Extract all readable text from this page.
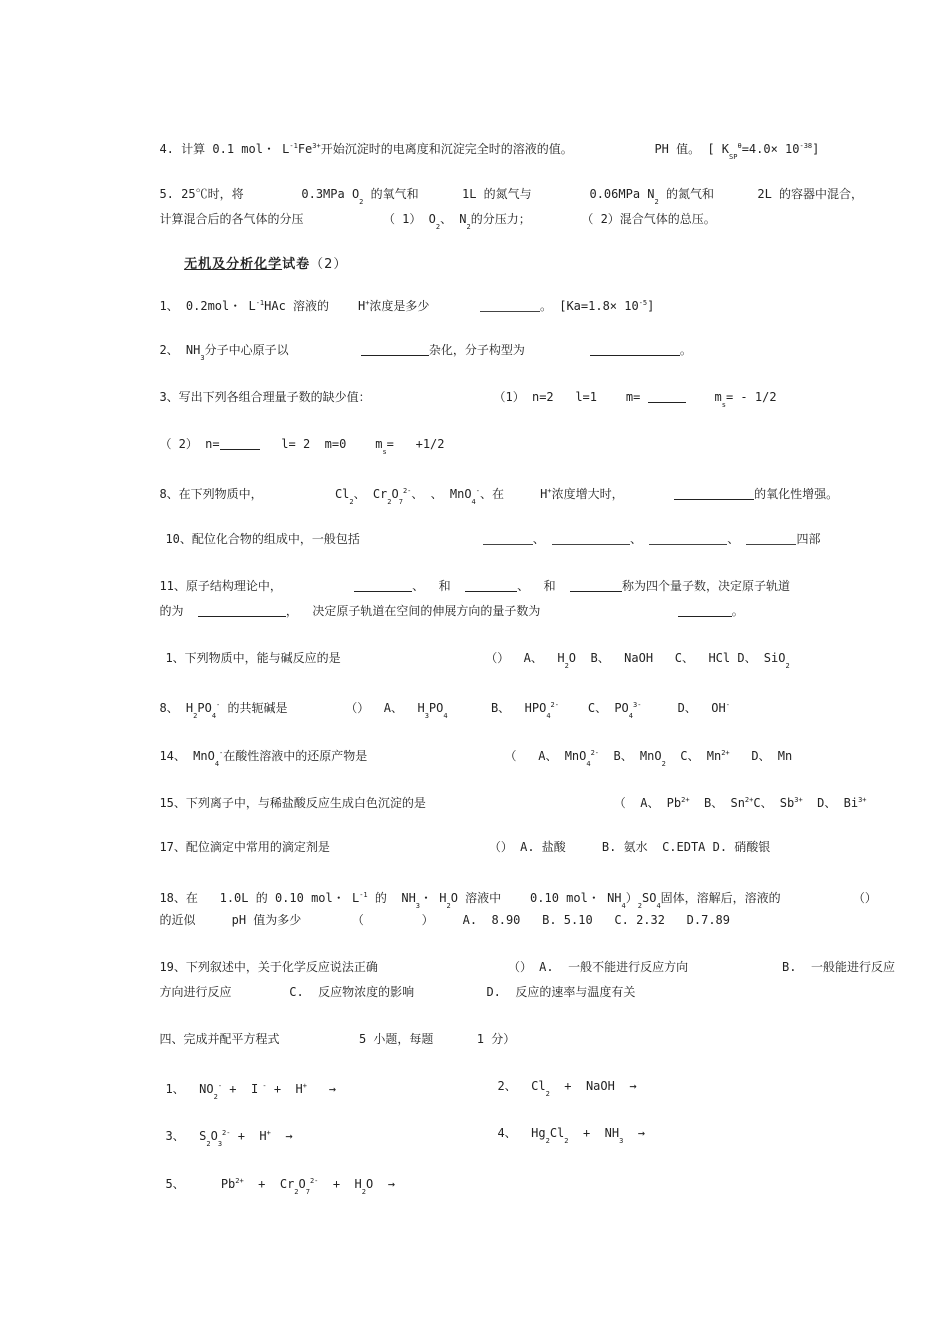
4. 计算 0.1 mol・ $L^{-1}Fe^{3+}$开始沉淀时的电离度和沉淀完全时的溶液的值。	PH 值。 [ $K_{SP}^\theta=4.0\times 10^{-38}$]

5. 25℃时，将	0.3MPa $O_2$ 的氧气和	1L 的氮气与	0.06MPa $N_2$ 的氮气和	2L 的容器中混合，

计算混合后的各气体的分压	（ 1） $O_2$、 $N_2$的分压力；	（ 2）混合气体的总压。

无机及分析化学试卷（2）

1、 0.2mol・ $L^{-1}HAc$ 溶液的 H+浓度是多少	。 $[Ka=1.8\times 10^{-5}]$

2、 $NH_3$分子中心原子以	杂化，分子构型为	。

3、写出下列各组合理量子数的缺少值：	（1） n=2 l=1 m=	$m_s= - 1/2$

（ 2） n=	l= 2 m=0 $m_s= +1/2$

8、在下列物质中，	$Cl_2$、 $Cr_2O_7^{2-}$、 、 MnO$_4$-、在	H+浓度增大时，	的氧化性增强。

10、配位化合物的组成中，一般包括	、	、	、	四部

11、原子结构理论中，	、 和	、 和	称为四个量子数，决定原子轨道

的为	， 决定原子轨道在空间的伸展方向的量子数为	。

1、下列物质中，能与碱反应的是	（） A、 $H_2O$ B、 NaOH C、 HCl D、 SiO$_2$

8、 $H_2PO_4^-$ 的共轭碱是	（） A、 $H_3PO_4$      B、 $HPO_4^{2-}$ C、 $PO_4^{3-}$	D、 OH-

14、 MnO$_4$-在酸性溶液中的还原产物是	（ A、 MnO$_4^{2-}$ B、 MnO$_2$  C、 $Mn^{2+}$ D、 Mn

15、下列离子中，与稀盐酸反应生成白色沉淀的是	（ A、 $Pb^{2+}$ B、 $Sn^{2+}C$、 $Sb^{3+}$ D、 $Bi^{3+}$

17、配位滴定中常用的滴定剂是	（） A. 盐酸	B. 氨水 C.EDTA D. 硝酸银

18、在 1.0L 的 0.10 mol・ $L^{-1}$ 的 $NH_3$・ $H_2O$ 溶液中 0.10 mol・ $NH_4)_2SO_4$固体，溶解后，溶液的	（）

的近似	pH 值为多少	（	） A. 8.90 B. 5.10 C. 2.32 D.7.89

19、下列叙述中，关于化学反应说法正确	（） A. 一般不能进行反应方向	B. 一般能进行反应

方向进行反应	C. 反应物浓度的影响	D. 反应的速率与温度有关

四、完成并配平方程式	5 小题，每题	1 分）

1、 $NO_2^- + I$ - + H+ →	2、 $Cl_2$  + NaOH →

3、 $S_2O_3^{2-} + H^+$ →	4、 $Hg_2Cl_2 + NH_3$  →

5、	$Pb^{2+} + Cr_2O_7^{2-} + H_2O$ →
